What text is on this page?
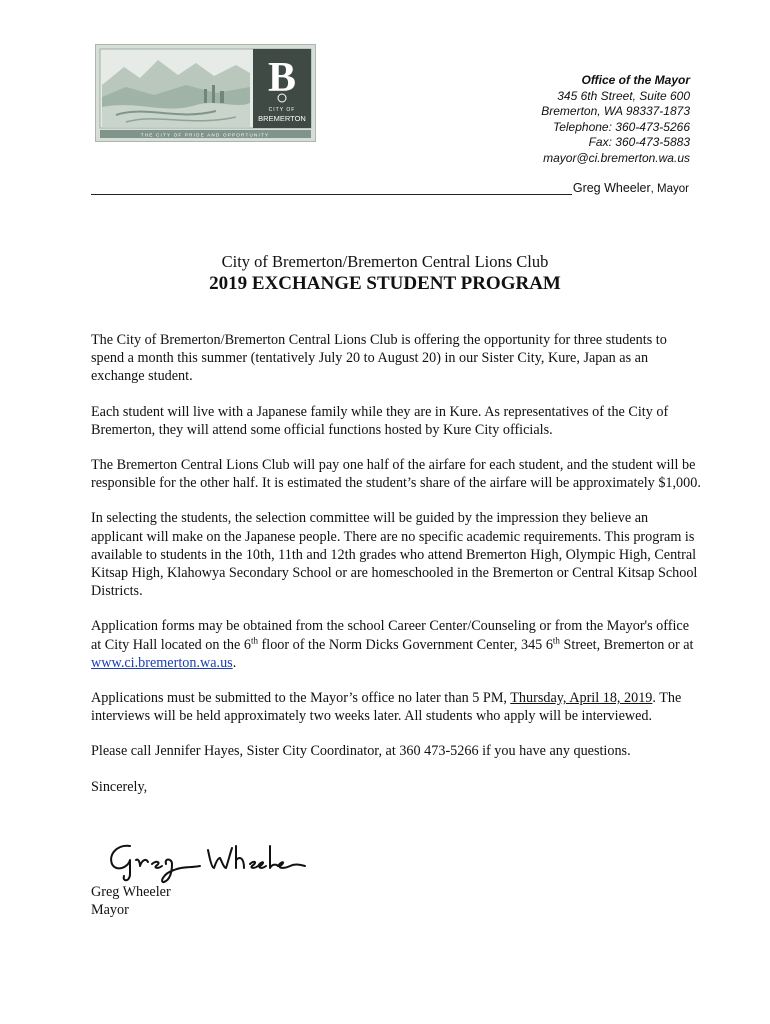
B
CITY OF
BREMERTON
THE CITY OF PRIDE AND OPPORTUNITY
Office of the Mayor
345 6th Street, Suite 600
Bremerton, WA 98337-1873
Telephone: 360-473-5266
Fax: 360-473-5883
mayor@ci.bremerton.wa.us
Greg Wheeler , Mayor
City of Bremerton/Bremerton Central Lions Club
2019 EXCHANGE STUDENT PROGRAM

The City of Bremerton/Bremerton Central Lions Club is offering the opportunity for three students to spend a month this summer (tentatively July 20 to August 20) in our Sister City, Kure, Japan as an exchange student.

Each student will live with a Japanese family while they are in Kure. As representatives of the City of Bremerton, they will attend some official functions hosted by Kure City officials.

The Bremerton Central Lions Club will pay one half of the airfare for each student, and the student will be responsible for the other half. It is estimated the student’s share of the airfare will be approximately $1,000.

In selecting the students, the selection committee will be guided by the impression they believe an applicant will make on the Japanese people. There are no specific academic requirements. This program is available to students in the 10th, 11th and 12th grades who attend Bremerton High, Olympic High, Central Kitsap High, Klahowya Secondary School or are homeschooled in the Bremerton or Central Kitsap School Districts.

Application forms may be obtained from the school Career Center/Counseling or from the Mayor's office at City Hall located on the 6th floor of the Norm Dicks Government Center, 345 6th Street, Bremerton or at www.ci.bremerton.wa.us.

Applications must be submitted to the Mayor’s office no later than 5 PM, Thursday, April 18, 2019. The interviews will be held approximately two weeks later. All students who apply will be interviewed.

Please call Jennifer Hayes, Sister City Coordinator, at 360 473-5266 if you have any questions.

Sincerely,

Greg Wheeler
Mayor
